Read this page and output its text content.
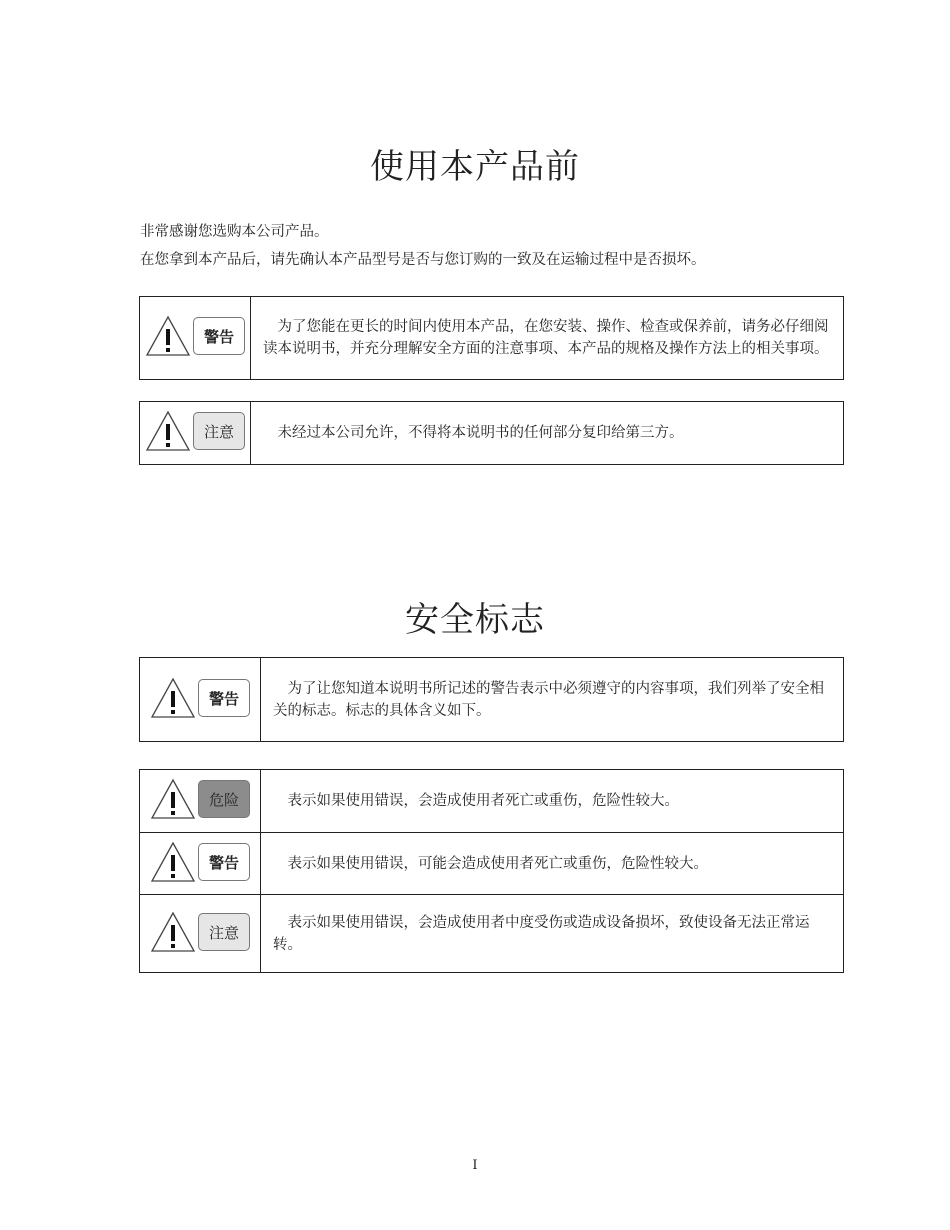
使用本产品前

非常感谢您选购本公司产品。

在您拿到本产品后，请先确认本产品型号是否与您订购的一致及在运输过程中是否损坏。

警告
	为了您能在更长的时间内使用本产品，在您安装、操作、检查或保养前，请务必仔细阅读本说明书，并充分理解安全方面的注意事项、本产品的规格及操作方法上的相关事项。
注意	未经过本公司允许，不得将本说明书的任何部分复印给第三方。
安全标志
警告
	为了让您知道本说明书所记述的警告表示中必须遵守的内容事项，我们列举了安全相关的标志。标志的具体含义如下。
危险	表示如果使用错误，会造成使用者死亡或重伤，危险性较大。

警告	表示如果使用错误，可能会造成使用者死亡或重伤，危险性较大。

注意	表示如果使用错误，会造成使用者中度受伤或造成设备损坏，致使设备无法正常运转。
I
